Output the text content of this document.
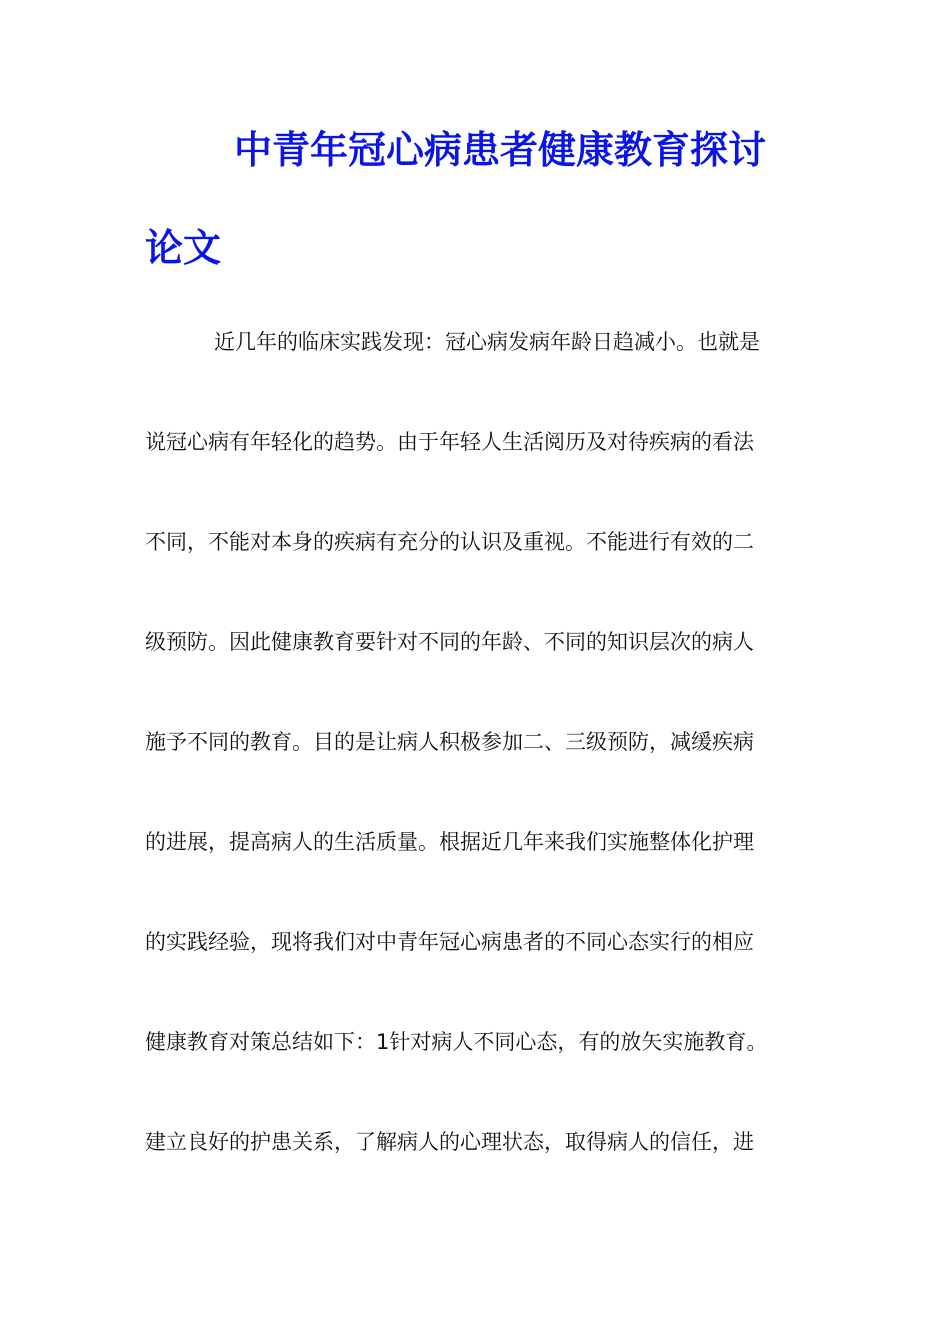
中青年冠心病患者健康教育探讨
论文

近几年的临床实践发现：冠心病发病年龄日趋减小。也就是

说冠心病有年轻化的趋势。由于年轻人生活阅历及对待疾病的看法

不同，不能对本身的疾病有充分的认识及重视。不能进行有效的二

级预防。因此健康教育要针对不同的年龄、不同的知识层次的病人

施予不同的教育。目的是让病人积极参加二、三级预防，减缓疾病

的进展，提高病人的生活质量。根据近几年来我们实施整体化护理

的实践经验，现将我们对中青年冠心病患者的不同心态实行的相应

健康教育对策总结如下：1针对病人不同心态，有的放矢实施教育。

建立良好的护患关系，了解病人的心理状态，取得病人的信任，进
